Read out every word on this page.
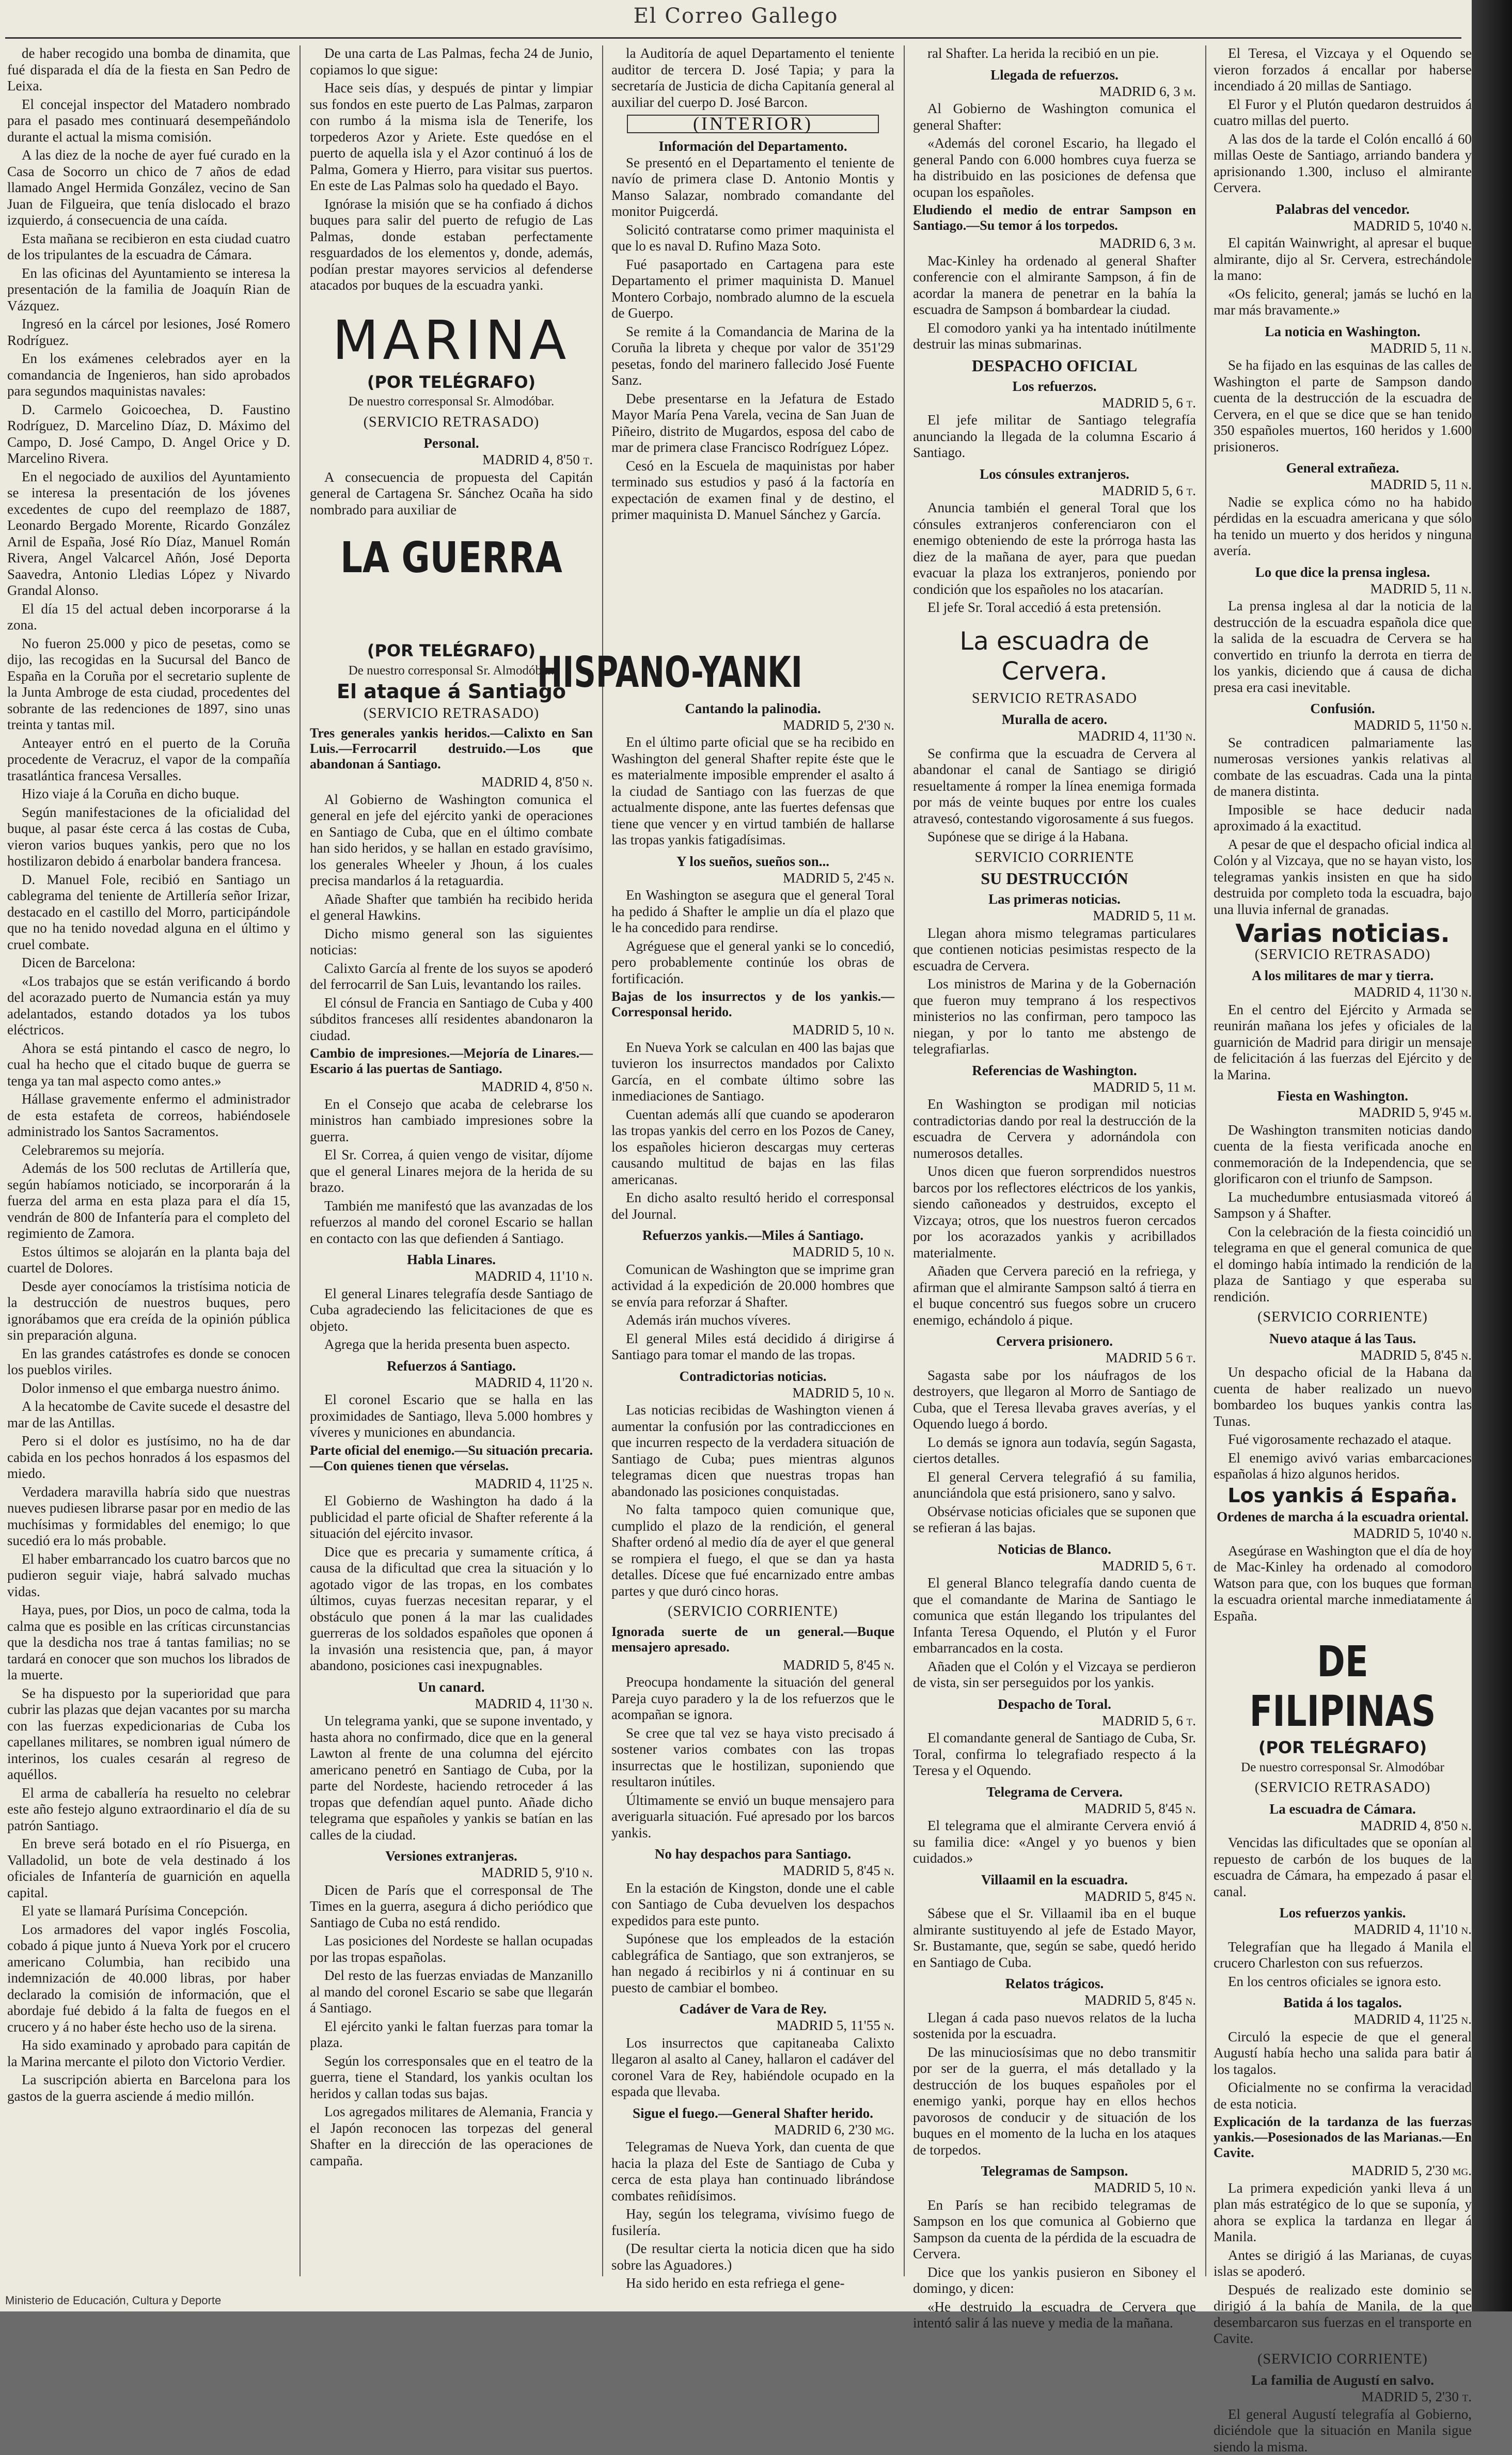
El Correo Gallego

de haber recogido una bomba de dinamita, que fué disparada el día de la fiesta en San Pedro de Leixa.

El concejal inspector del Matadero nombrado para el pasado mes continuará desempeñándolo durante el actual la misma comisión.

A las diez de la noche de ayer fué curado en la Casa de Socorro un chico de 7 años de edad llamado Angel Hermida González, vecino de San Juan de Filgueira, que tenía dislocado el brazo izquierdo, á consecuencia de una caída.

Esta mañana se recibieron en esta ciudad cuatro de los tripulantes de la escuadra de Cámara.

En las oficinas del Ayuntamiento se interesa la presentación de la familia de Joaquín Rian de Vázquez.

Ingresó en la cárcel por lesiones, José Romero Rodríguez.

En los exámenes celebrados ayer en la comandancia de Ingenieros, han sido aprobados para segundos maquinistas navales:

D. Carmelo Goicoechea, D. Faustino Rodríguez, D. Marcelino Díaz, D. Máximo del Campo, D. José Campo, D. Angel Orice y D. Marcelino Rivera.

En el negociado de auxilios del Ayuntamiento se interesa la presentación de los jóvenes excedentes de cupo del reemplazo de 1887, Leonardo Bergado Morente, Ricardo González Arnil de España, José Río Díaz, Manuel Román Rivera, Angel Valcarcel Añón, José Deporta Saavedra, Antonio Lledias López y Nivardo Grandal Alonso.

El día 15 del actual deben incorporarse á la zona.

No fueron 25.000 y pico de pesetas, como se dijo, las recogidas en la Sucursal del Banco de España en la Coruña por el secretario suplente de la Junta Ambroge de esta ciudad, procedentes del sobrante de las redenciones de 1897, sino unas treinta y tantas mil.

Anteayer entró en el puerto de la Coruña procedente de Veracruz, el vapor de la compañía trasatlántica francesa Versalles.

Hizo viaje á la Coruña en dicho buque.

Según manifestaciones de la oficialidad del buque, al pasar éste cerca á las costas de Cuba, vieron varios buques yankis, pero que no los hostilizaron debido á enarbolar bandera francesa.

D. Manuel Fole, recibió en Santiago un cablegrama del teniente de Artillería señor Irizar, destacado en el castillo del Morro, participándole que no ha tenido novedad alguna en el último y cruel combate.

Dicen de Barcelona:

«Los trabajos que se están verificando á bordo del acorazado puerto de Numancia están ya muy adelantados, estando dotados ya los tubos eléctricos.

Ahora se está pintando el casco de negro, lo cual ha hecho que el citado buque de guerra se tenga ya tan mal aspecto como antes.»

Hállase gravemente enfermo el administrador de esta estafeta de correos, habiéndosele administrado los Santos Sacramentos.

Celebraremos su mejoría.

Además de los 500 reclutas de Artillería que, según habíamos noticiado, se incorporarán á la fuerza del arma en esta plaza para el día 15, vendrán de 800 de Infantería para el completo del regimiento de Zamora.

Estos últimos se alojarán en la planta baja del cuartel de Dolores.

Desde ayer conocíamos la tristísima noticia de la destrucción de nuestros buques, pero ignorábamos que era creída de la opinión pública sin preparación alguna.

En las grandes catástrofes es donde se conocen los pueblos viriles.

Dolor inmenso el que embarga nuestro ánimo.

A la hecatombe de Cavite sucede el desastre del mar de las Antillas.

Pero si el dolor es justísimo, no ha de dar cabida en los pechos honrados á los espasmos del miedo.

Verdadera maravilla habría sido que nuestras nueves pudiesen librarse pasar por en medio de las muchísimas y formidables del enemigo; lo que sucedió era lo más probable.

El haber embarrancado los cuatro barcos que no pudieron seguir viaje, habrá salvado muchas vidas.

Haya, pues, por Dios, un poco de calma, toda la calma que es posible en las críticas circunstancias que la desdicha nos trae á tantas familias; no se tardará en conocer que son muchos los librados de la muerte.

Se ha dispuesto por la superioridad que para cubrir las plazas que dejan vacantes por su marcha con las fuerzas expedicionarias de Cuba los capellanes militares, se nombren igual número de interinos, los cuales cesarán al regreso de aquéllos.

El arma de caballería ha resuelto no celebrar este año festejo alguno extraordinario el día de su patrón Santiago.

En breve será botado en el río Pisuerga, en Valladolid, un bote de vela destinado á los oficiales de Infantería de guarnición en aquella capital.

El yate se llamará Purísima Concepción.

Los armadores del vapor inglés Foscolia, cobado á pique junto á Nueva York por el crucero americano Columbia, han recibido una indemnización de 40.000 libras, por haber declarado la comisión de información, que el abordaje fué debido á la falta de fuegos en el crucero y á no haber éste hecho uso de la sirena.

Ha sido examinado y aprobado para capitán de la Marina mercante el piloto don Victorio Verdier.

La suscripción abierta en Barcelona para los gastos de la guerra asciende á medio millón.

De una carta de Las Palmas, fecha 24 de Junio, copiamos lo que sigue:

Hace seis días, y después de pintar y limpiar sus fondos en este puerto de Las Palmas, zarparon con rumbo á la misma isla de Tenerife, los torpederos Azor y Ariete. Este quedóse en el puerto de aquella isla y el Azor continuó á los de Palma, Gomera y Hierro, para visitar sus puertos. En este de Las Palmas solo ha quedado el Bayo.

Ignórase la misión que se ha confiado á dichos buques para salir del puerto de refugio de Las Palmas, donde estaban perfectamente resguardados de los elementos y, donde, además, podían prestar mayores servicios al defenderse atacados por buques de la escuadra yanki.

MARINA
(POR TELÉGRAFO)
De nuestro corresponsal Sr. Almodóbar.
(SERVICIO RETRASADO)
Personal.
MADRID 4, 8'50 t.

A consecuencia de propuesta del Capitán general de Cartagena Sr. Sánchez Ocaña ha sido nombrado para auxiliar de

LA GUERRA
(POR TELÉGRAFO)
De nuestro corresponsal Sr. Almodóbar.
El ataque á Santiago
(SERVICIO RETRASADO)
Tres generales yankis heridos.—Calixto en San Luis.—Ferrocarril destruido.—Los que abandonan á Santiago.
MADRID 4, 8'50 n.

Al Gobierno de Washington comunica el general en jefe del ejército yanki de operaciones en Santiago de Cuba, que en el último combate han sido heridos, y se hallan en estado gravísimo, los generales Wheeler y Jhoun, á los cuales precisa mandarlos á la retaguardia.

Añade Shafter que también ha recibido herida el general Hawkins.

Dicho mismo general son las siguientes noticias:

Calixto García al frente de los suyos se apoderó del ferrocarril de San Luis, levantando los railes.

El cónsul de Francia en Santiago de Cuba y 400 súbditos franceses allí residentes abandonaron la ciudad.

Cambio de impresiones.—Mejoría de Linares.—Escario á las puertas de Santiago.
MADRID 4, 8'50 n.

En el Consejo que acaba de celebrarse los ministros han cambiado impresiones sobre la guerra.

El Sr. Correa, á quien vengo de visitar, díjome que el general Linares mejora de la herida de su brazo.

También me manifestó que las avanzadas de los refuerzos al mando del coronel Escario se hallan en contacto con las que defienden á Santiago.

Habla Linares.
MADRID 4, 11'10 n.

El general Linares telegrafía desde Santiago de Cuba agradeciendo las felicitaciones de que es objeto.

Agrega que la herida presenta buen aspecto.

Refuerzos á Santiago.
MADRID 4, 11'20 n.

El coronel Escario que se halla en las proximidades de Santiago, lleva 5.000 hombres y víveres y municiones en abundancia.

Parte oficial del enemigo.—Su situación precaria.—Con quienes tienen que vérselas.
MADRID 4, 11'25 n.

El Gobierno de Washington ha dado á la publicidad el parte oficial de Shafter referente á la situación del ejército invasor.

Dice que es precaria y sumamente crítica, á causa de la dificultad que crea la situación y lo agotado vigor de las tropas, en los combates últimos, cuyas fuerzas necesitan reparar, y el obstáculo que ponen á la mar las cualidades guerreras de los soldados españoles que oponen á la invasión una resistencia que, pan, á mayor abandono, posiciones casi inexpugnables.

Un canard.
MADRID 4, 11'30 n.

Un telegrama yanki, que se supone inventado, y hasta ahora no confirmado, dice que en la general Lawton al frente de una columna del ejército americano penetró en Santiago de Cuba, por la parte del Nordeste, haciendo retroceder á las tropas que defendían aquel punto. Añade dicho telegrama que españoles y yankis se batían en las calles de la ciudad.

Versiones extranjeras.
MADRID 5, 9'10 n.

Dicen de París que el corresponsal de The Times en la guerra, asegura á dicho periódico que Santiago de Cuba no está rendido.

Las posiciones del Nordeste se hallan ocupadas por las tropas españolas.

Del resto de las fuerzas enviadas de Manzanillo al mando del coronel Escario se sabe que llegarán á Santiago.

El ejército yanki le faltan fuerzas para tomar la plaza.

Según los corresponsales que en el teatro de la guerra, tiene el Standard, los yankis ocultan los heridos y callan todas sus bajas.

Los agregados militares de Alemania, Francia y el Japón reconocen las torpezas del general Shafter en la dirección de las operaciones de campaña.

HISPANO-YANKI

la Auditoría de aquel Departamento el teniente auditor de tercera D. José Tapia; y para la secretaría de Justicia de dicha Capitanía general al auxiliar del cuerpo D. José Barcon.

(INTERIOR)
Información del Departamento.

Se presentó en el Departamento el teniente de navío de primera clase D. Antonio Montis y Manso Salazar, nombrado comandante del monitor Puigcerdá.

Solicitó contratarse como primer maquinista el que lo es naval D. Rufino Maza Soto.

Fué pasaportado en Cartagena para este Departamento el primer maquinista D. Manuel Montero Corbajo, nombrado alumno de la escuela de Guerpo.

Se remite á la Comandancia de Marina de la Coruña la libreta y cheque por valor de 351'29 pesetas, fondo del marinero fallecido José Fuente Sanz.

Debe presentarse en la Jefatura de Estado Mayor María Pena Varela, vecina de San Juan de Piñeiro, distrito de Mugardos, esposa del cabo de mar de primera clase Francisco Rodríguez López.

Cesó en la Escuela de maquinistas por haber terminado sus estudios y pasó á la factoría en expectación de examen final y de destino, el primer maquinista D. Manuel Sánchez y García.

Cantando la palinodia.
MADRID 5, 2'30 n.

En el último parte oficial que se ha recibido en Washington del general Shafter repite éste que le es materialmente imposible emprender el asalto á la ciudad de Santiago con las fuerzas de que actualmente dispone, ante las fuertes defensas que tiene que vencer y en virtud también de hallarse las tropas yankis fatigadísimas.

Y los sueños, sueños son...
MADRID 5, 2'45 n.

En Washington se asegura que el general Toral ha pedido á Shafter le amplie un día el plazo que le ha concedido para rendirse.

Agréguese que el general yanki se lo concedió, pero probablemente continúe los obras de fortificación.

Bajas de los insurrectos y de los yankis.—Corresponsal herido.
MADRID 5, 10 n.

En Nueva York se calculan en 400 las bajas que tuvieron los insurrectos mandados por Calixto García, en el combate último sobre las inmediaciones de Santiago.

Cuentan además allí que cuando se apoderaron las tropas yankis del cerro en los Pozos de Caney, los españoles hicieron descargas muy certeras causando multitud de bajas en las filas americanas.

En dicho asalto resultó herido el corresponsal del Journal.

Refuerzos yankis.—Miles á Santiago.
MADRID 5, 10 n.

Comunican de Washington que se imprime gran actividad á la expedición de 20.000 hombres que se envía para reforzar á Shafter.

Además irán muchos víveres.

El general Miles está decidido á dirigirse á Santiago para tomar el mando de las tropas.

Contradictorias noticias.
MADRID 5, 10 n.

Las noticias recibidas de Washington vienen á aumentar la confusión por las contradicciones en que incurren respecto de la verdadera situación de Santiago de Cuba; pues mientras algunos telegramas dicen que nuestras tropas han abandonado las posiciones conquistadas.

No falta tampoco quien comunique que, cumplido el plazo de la rendición, el general Shafter ordenó al medio día de ayer el que general se rompiera el fuego, el que se dan ya hasta detalles. Dícese que fué encarnizado entre ambas partes y que duró cinco horas.

(SERVICIO CORRIENTE)
Ignorada suerte de un general.—Buque mensajero apresado.
MADRID 5, 8'45 n.

Preocupa hondamente la situación del general Pareja cuyo paradero y la de los refuerzos que le acompañan se ignora.

Se cree que tal vez se haya visto precisado á sostener varios combates con las tropas insurrectas que le hostilizan, suponiendo que resultaron inútiles.

Últimamente se envió un buque mensajero para averiguarla situación. Fué apresado por los barcos yankis.

No hay despachos para Santiago.
MADRID 5, 8'45 n.

En la estación de Kingston, donde une el cable con Santiago de Cuba devuelven los despachos expedidos para este punto.

Supónese que los empleados de la estación cablegráfica de Santiago, que son extranjeros, se han negado á recibirlos y ni á continuar en su puesto de cambiar el bombeo.

Cadáver de Vara de Rey.
MADRID 5, 11'55 n.

Los insurrectos que capitaneaba Calixto llegaron al asalto al Caney, hallaron el cadáver del coronel Vara de Rey, habiéndole ocupado en la espada que llevaba.

Sigue el fuego.—General Shafter herido.
MADRID 6, 2'30 mg.

Telegramas de Nueva York, dan cuenta de que hacia la plaza del Este de Santiago de Cuba y cerca de esta playa han continuado librándose combates reñidísimos.

Hay, según los telegrama, vivísimo fuego de fusilería.

(De resultar cierta la noticia dicen que ha sido sobre las Aguadores.)

Ha sido herido en esta refriega el gene-

ral Shafter. La herida la recibió en un pie.

Llegada de refuerzos.
MADRID 6, 3 m.

Al Gobierno de Washington comunica el general Shafter:

«Además del coronel Escario, ha llegado el general Pando con 6.000 hombres cuya fuerza se ha distribuido en las posiciones de defensa que ocupan los españoles.

Eludiendo el medio de entrar Sampson en Santiago.—Su temor á los torpedos.
MADRID 6, 3 m.

Mac-Kinley ha ordenado al general Shafter conferencie con el almirante Sampson, á fin de acordar la manera de penetrar en la bahía la escuadra de Sampson á bombardear la ciudad.

El comodoro yanki ya ha intentado inútilmente destruir las minas submarinas.

DESPACHO OFICIAL
Los refuerzos.
MADRID 5, 6 t.

El jefe militar de Santiago telegrafía anunciando la llegada de la columna Escario á Santiago.

Los cónsules extranjeros.
MADRID 5, 6 t.

Anuncia también el general Toral que los cónsules extranjeros conferenciaron con el enemigo obteniendo de este la prórroga hasta las diez de la mañana de ayer, para que puedan evacuar la plaza los extranjeros, poniendo por condición que los españoles no los atacarían.

El jefe Sr. Toral accedió á esta pretensión.

La escuadra de Cervera.
SERVICIO RETRASADO
Muralla de acero.
MADRID 4, 11'30 n.

Se confirma que la escuadra de Cervera al abandonar el canal de Santiago se dirigió resueltamente á romper la línea enemiga formada por más de veinte buques por entre los cuales atravesó, contestando vigorosamente á sus fuegos.

Supónese que se dirige á la Habana.

SERVICIO CORRIENTE
SU DESTRUCCIÓN
Las primeras noticias.
MADRID 5, 11 m.

Llegan ahora mismo telegramas particulares que contienen noticias pesimistas respecto de la escuadra de Cervera.

Los ministros de Marina y de la Gobernación que fueron muy temprano á los respectivos ministerios no las confirman, pero tampoco las niegan, y por lo tanto me abstengo de telegrafiarlas.

Referencias de Washington.
MADRID 5, 11 m.

En Washington se prodigan mil noticias contradictorias dando por real la destrucción de la escuadra de Cervera y adornándola con numerosos detalles.

Unos dicen que fueron sorprendidos nuestros barcos por los reflectores eléctricos de los yankis, siendo cañoneados y destruidos, excepto el Vizcaya; otros, que los nuestros fueron cercados por los acorazados yankis y acribillados materialmente.

Añaden que Cervera pareció en la refriega, y afirman que el almirante Sampson saltó á tierra en el buque concentró sus fuegos sobre un crucero enemigo, echándolo á pique.

Cervera prisionero.
MADRID 5 6 t.

Sagasta sabe por los náufragos de los destroyers, que llegaron al Morro de Santiago de Cuba, que el Teresa llevaba graves averías, y el Oquendo luego á bordo.

Lo demás se ignora aun todavía, según Sagasta, ciertos detalles.

El general Cervera telegrafió á su familia, anunciándola que está prisionero, sano y salvo.

Obsérvase noticias oficiales que se suponen que se refieran á las bajas.

Noticias de Blanco.
MADRID 5, 6 t.

El general Blanco telegrafía dando cuenta de que el comandante de Marina de Santiago le comunica que están llegando los tripulantes del Infanta Teresa Oquendo, el Plutón y el Furor embarrancados en la costa.

Añaden que el Colón y el Vizcaya se perdieron de vista, sin ser perseguidos por los yankis.

Despacho de Toral.
MADRID 5, 6 t.

El comandante general de Santiago de Cuba, Sr. Toral, confirma lo telegrafiado respecto á la Teresa y el Oquendo.

Telegrama de Cervera.
MADRID 5, 8'45 n.

El telegrama que el almirante Cervera envió á su familia dice: «Angel y yo buenos y bien cuidados.»

Villaamil en la escuadra.
MADRID 5, 8'45 n.

Sábese que el Sr. Villaamil iba en el buque almirante sustituyendo al jefe de Estado Mayor, Sr. Bustamante, que, según se sabe, quedó herido en Santiago de Cuba.

Relatos trágicos.
MADRID 5, 8'45 n.

Llegan á cada paso nuevos relatos de la lucha sostenida por la escuadra.

De las minuciosísimas que no debo transmitir por ser de la guerra, el más detallado y la destrucción de los buques españoles por el enemigo yanki, porque hay en ellos hechos pavorosos de conducir y de situación de los buques en el momento de la lucha en los ataques de torpedos.

Telegramas de Sampson.
MADRID 5, 10 n.

En París se han recibido telegramas de Sampson en los que comunica al Gobierno que Sampson da cuenta de la pérdida de la escuadra de Cervera.

Dice que los yankis pusieron en Siboney el domingo, y dicen:

«He destruido la escuadra de Cervera que intentó salir á las nueve y media de la mañana.

El Teresa, el Vizcaya y el Oquendo se vieron forzados á encallar por haberse incendiado á 20 millas de Santiago.

El Furor y el Plutón quedaron destruidos á cuatro millas del puerto.

A las dos de la tarde el Colón encalló á 60 millas Oeste de Santiago, arriando bandera y aprisionando 1.300, incluso el almirante Cervera.

Palabras del vencedor.
MADRID 5, 10'40 n.

El capitán Wainwright, al apresar el buque almirante, dijo al Sr. Cervera, estrechándole la mano:

«Os felicito, general; jamás se luchó en la mar más bravamente.»

La noticia en Washington.
MADRID 5, 11 n.

Se ha fijado en las esquinas de las calles de Washington el parte de Sampson dando cuenta de la destrucción de la escuadra de Cervera, en el que se dice que se han tenido 350 españoles muertos, 160 heridos y 1.600 prisioneros.

General extrañeza.
MADRID 5, 11 n.

Nadie se explica cómo no ha habido pérdidas en la escuadra americana y que sólo ha tenido un muerto y dos heridos y ninguna avería.

Lo que dice la prensa inglesa.
MADRID 5, 11 n.

La prensa inglesa al dar la noticia de la destrucción de la escuadra española dice que la salida de la escuadra de Cervera se ha convertido en triunfo la derrota en tierra de los yankis, diciendo que á causa de dicha presa era casi inevitable.

Confusión.
MADRID 5, 11'50 n.

Se contradicen palmariamente las numerosas versiones yankis relativas al combate de las escuadras. Cada una la pinta de manera distinta.

Imposible se hace deducir nada aproximado á la exactitud.

A pesar de que el despacho oficial indica al Colón y al Vizcaya, que no se hayan visto, los telegramas yankis insisten en que ha sido destruida por completo toda la escuadra, bajo una lluvia infernal de granadas.

Varias noticias.
(SERVICIO RETRASADO)
A los militares de mar y tierra.
MADRID 4, 11'30 n.

En el centro del Ejército y Armada se reunirán mañana los jefes y oficiales de la guarnición de Madrid para dirigir un mensaje de felicitación á las fuerzas del Ejército y de la Marina.

Fiesta en Washington.
MADRID 5, 9'45 m.

De Washington transmiten noticias dando cuenta de la fiesta verificada anoche en conmemoración de la Independencia, que se glorificaron con el triunfo de Sampson.

La muchedumbre entusiasmada vitoreó á Sampson y á Shafter.

Con la celebración de la fiesta coincidió un telegrama en que el general comunica de que el domingo había intimado la rendición de la plaza de Santiago y que esperaba su rendición.

(SERVICIO CORRIENTE)
Nuevo ataque á las Taus.
MADRID 5, 8'45 n.

Un despacho oficial de la Habana da cuenta de haber realizado un nuevo bombardeo los buques yankis contra las Tunas.

Fué vigorosamente rechazado el ataque.

El enemigo avivó varias embarcaciones españolas á hizo algunos heridos.

Los yankis á España.
Ordenes de marcha á la escuadra oriental.
MADRID 5, 10'40 n.

Asegúrase en Washington que el día de hoy de Mac-Kinley ha ordenado al comodoro Watson para que, con los buques que forman la escuadra oriental marche inmediatamente á España.

DE FILIPINAS
(POR TELÉGRAFO)
De nuestro corresponsal Sr. Almodóbar
(SERVICIO RETRASADO)
La escuadra de Cámara.
MADRID 4, 8'50 n.

Vencidas las dificultades que se oponían al repuesto de carbón de los buques de la escuadra de Cámara, ha empezado á pasar el canal.

Los refuerzos yankis.
MADRID 4, 11'10 n.

Telegrafían que ha llegado á Manila el crucero Charleston con sus refuerzos.

En los centros oficiales se ignora esto.

Batida á los tagalos.
MADRID 4, 11'25 n.

Circuló la especie de que el general Augustí había hecho una salida para batir á los tagalos.

Oficialmente no se confirma la veracidad de esta noticia.

Explicación de la tardanza de las fuerzas yankis.—Posesionados de las Marianas.—En Cavite.
MADRID 5, 2'30 mg.

La primera expedición yanki lleva á un plan más estratégico de lo que se suponía, y ahora se explica la tardanza en llegar á Manila.

Antes se dirigió á las Marianas, de cuyas islas se apoderó.

Después de realizado este dominio se dirigió á la bahía de Manila, de la que desembarcaron sus fuerzas en el transporte en Cavite.

(SERVICIO CORRIENTE)
La familia de Augustí en salvo.
MADRID 5, 2'30 t.

El general Augustí telegrafía al Gobierno, diciéndole que la situación en Manila sigue siendo la misma.

Ministerio de Educación, Cultura y Deporte
